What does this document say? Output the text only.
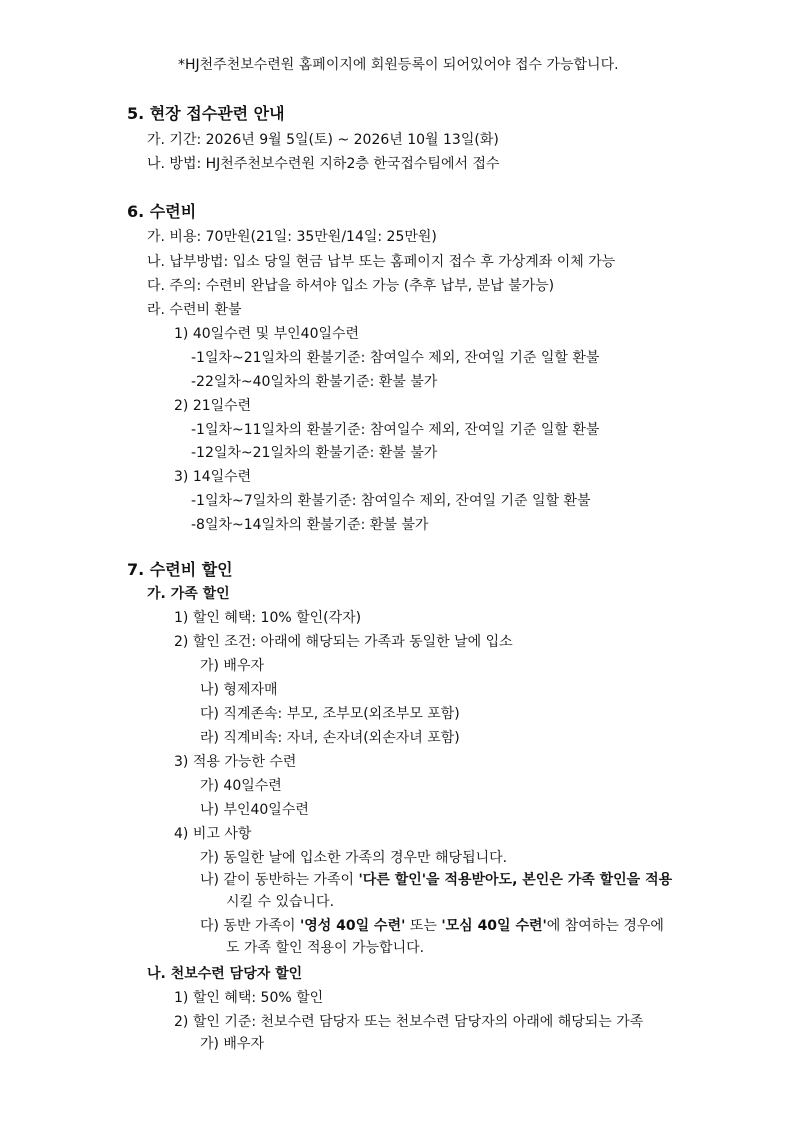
*HJ천주천보수련원 홈페이지에 회원등록이 되어있어야 접수 가능합니다.
5. 현장 접수관련 안내
가. 기간: 2026년 9월 5일(토) ~ 2026년 10월 13일(화)
나. 방법: HJ천주천보수련원 지하2층 한국접수팀에서 접수
6. 수련비
가. 비용: 70만원(21일: 35만원/14일: 25만원)
나. 납부방법: 입소 당일 현금 납부 또는 홈페이지 접수 후 가상계좌 이체 가능
다. 주의: 수련비 완납을 하셔야 입소 가능 (추후 납부, 분납 불가능)
라. 수련비 환불
1) 40일수련 및 부인40일수련
-1일차~21일차의 환불기준: 참여일수 제외, 잔여일 기준 일할 환불
-22일차~40일차의 환불기준: 환불 불가
2) 21일수련
-1일차~11일차의 환불기준: 참여일수 제외, 잔여일 기준 일할 환불
-12일차~21일차의 환불기준: 환불 불가
3) 14일수련
-1일차~7일차의 환불기준: 참여일수 제외, 잔여일 기준 일할 환불
-8일차~14일차의 환불기준: 환불 불가
7. 수련비 할인
가. 가족 할인
1) 할인 혜택: 10% 할인(각자)
2) 할인 조건: 아래에 해당되는 가족과 동일한 날에 입소
가) 배우자
나) 형제자매
다) 직계존속: 부모, 조부모(외조부모 포함)
라) 직계비속: 자녀, 손자녀(외손자녀 포함)
3) 적용 가능한 수련
가) 40일수련
나) 부인40일수련
4) 비고 사항
가) 동일한 날에 입소한 가족의 경우만 해당됩니다.
나) 같이 동반하는 가족이 '다른 할인'을 적용받아도, 본인은 가족 할인을 적용
시킬 수 있습니다.
다) 동반 가족이 '영성 40일 수련' 또는 '모심 40일 수련'에 참여하는 경우에
도 가족 할인 적용이 가능합니다.
나. 천보수련 담당자 할인
1) 할인 혜택: 50% 할인
2) 할인 기준: 천보수련 담당자 또는 천보수련 담당자의 아래에 해당되는 가족
가) 배우자
